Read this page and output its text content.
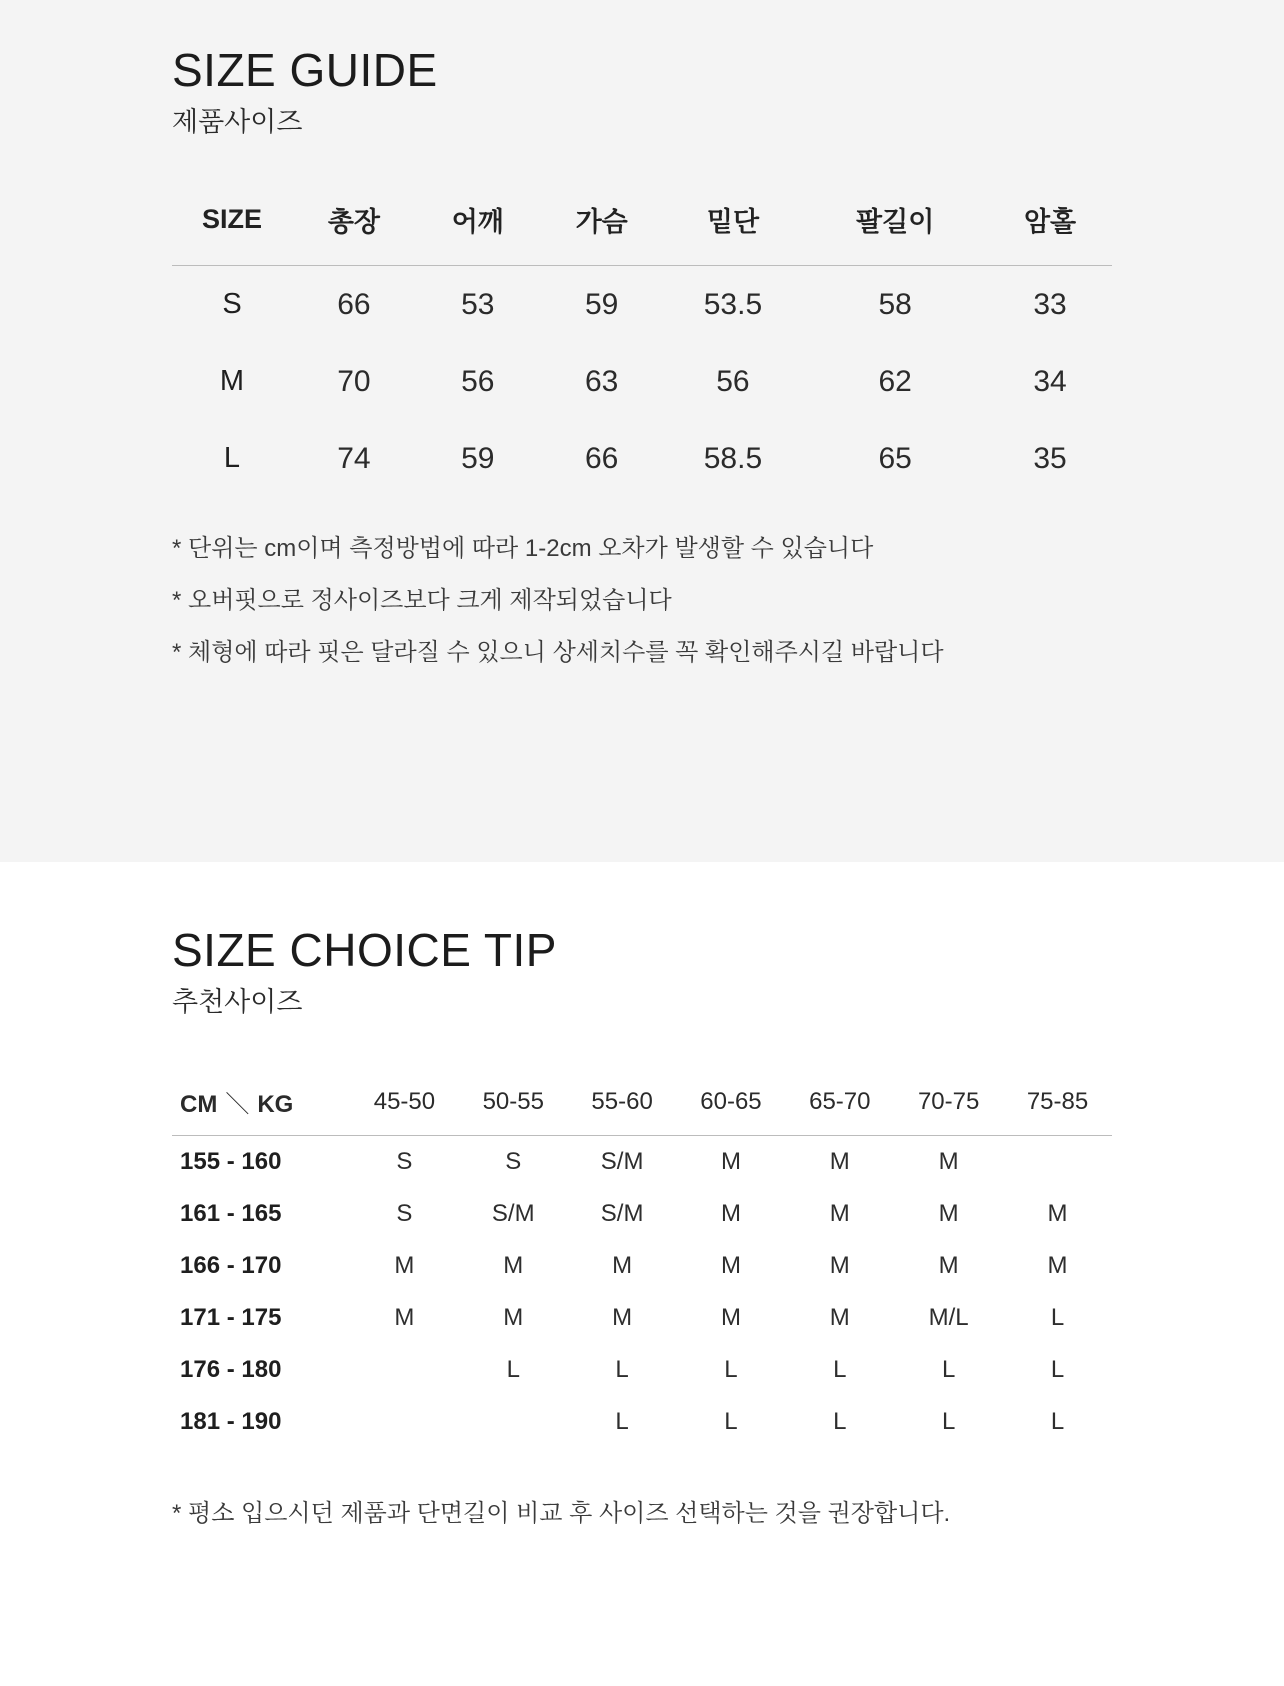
SIZE GUIDE
제품사이즈
SIZE	총장	어깨	가슴	밑단	팔길이	암홀
S	66	53	59	53.5	58	33
M	70	56	63	56	62	34
L	74	59	66	58.5	65	35
* 단위는 cm이며 측정방법에 따라 1-2cm 오차가 발생할 수 있습니다
* 오버핏으로 정사이즈보다 크게 제작되었습니다
* 체형에 따라 핏은 달라질 수 있으니 상세치수를 꼭 확인해주시길 바랍니다
SIZE CHOICE TIP
추천사이즈
CM ＼ KG	45-50	50-55	55-60	60-65	65-70	70-75	75-85
155 - 160	S	S	S/M	M	M	M	
161 - 165	S	S/M	S/M	M	M	M	M
166 - 170	M	M	M	M	M	M	M
171 - 175	M	M	M	M	M	M/L	L
176 - 180		L	L	L	L	L	L
181 - 190			L	L	L	L	L
* 평소 입으시던 제품과 단면길이 비교 후 사이즈 선택하는 것을 권장합니다.
